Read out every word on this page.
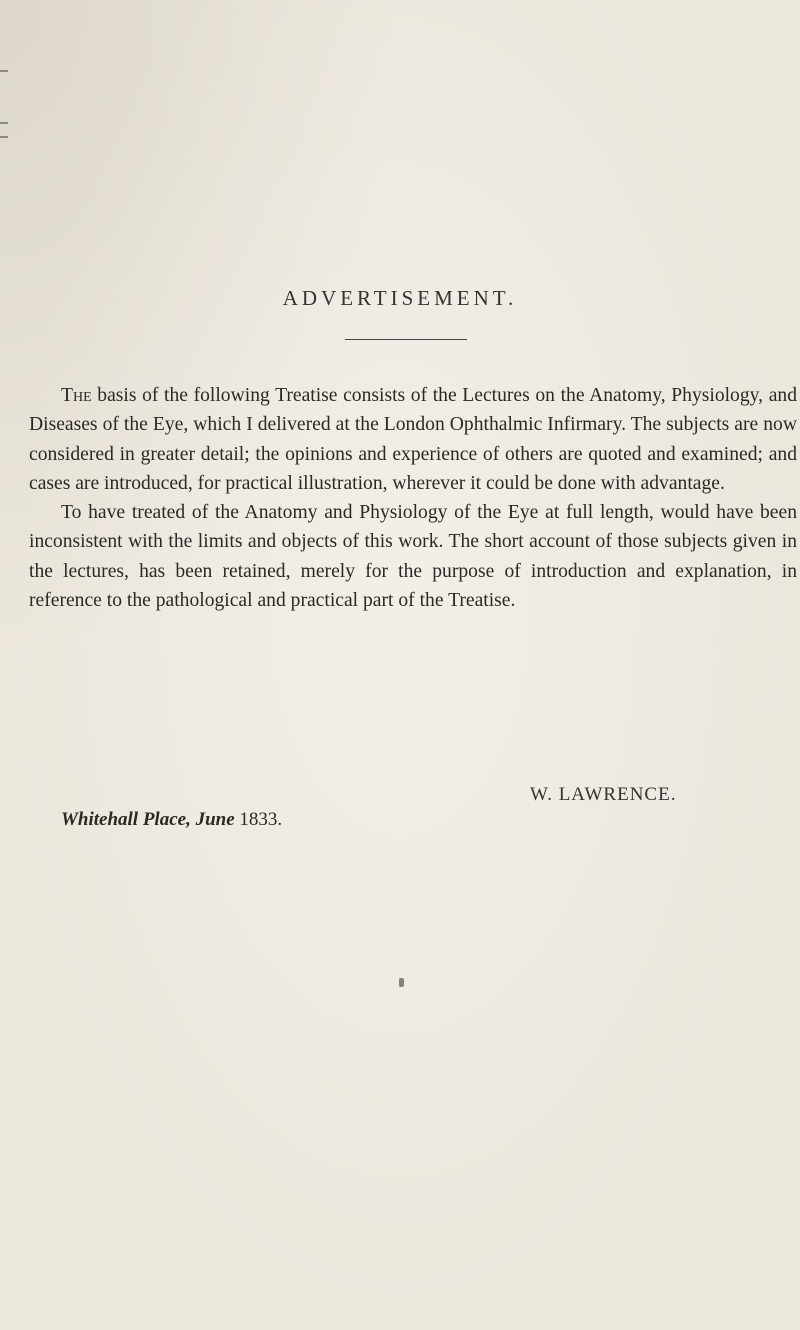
ADVERTISEMENT.

The basis of the following Treatise consists of the Lectures on the Anatomy, Physiology, and Diseases of the Eye, which I delivered at the London Ophthalmic Infirmary. The subjects are now considered in greater detail; the opinions and experience of others are quoted and examined; and cases are introduced, for practical illustration, wherever it could be done with advantage.

To have treated of the Anatomy and Physiology of the Eye at full length, would have been inconsistent with the limits and objects of this work. The short account of those subjects given in the lectures, has been retained, merely for the purpose of introduction and explanation, in reference to the pathological and practical part of the Treatise.

W. LAWRENCE.
Whitehall Place, June 1833.
